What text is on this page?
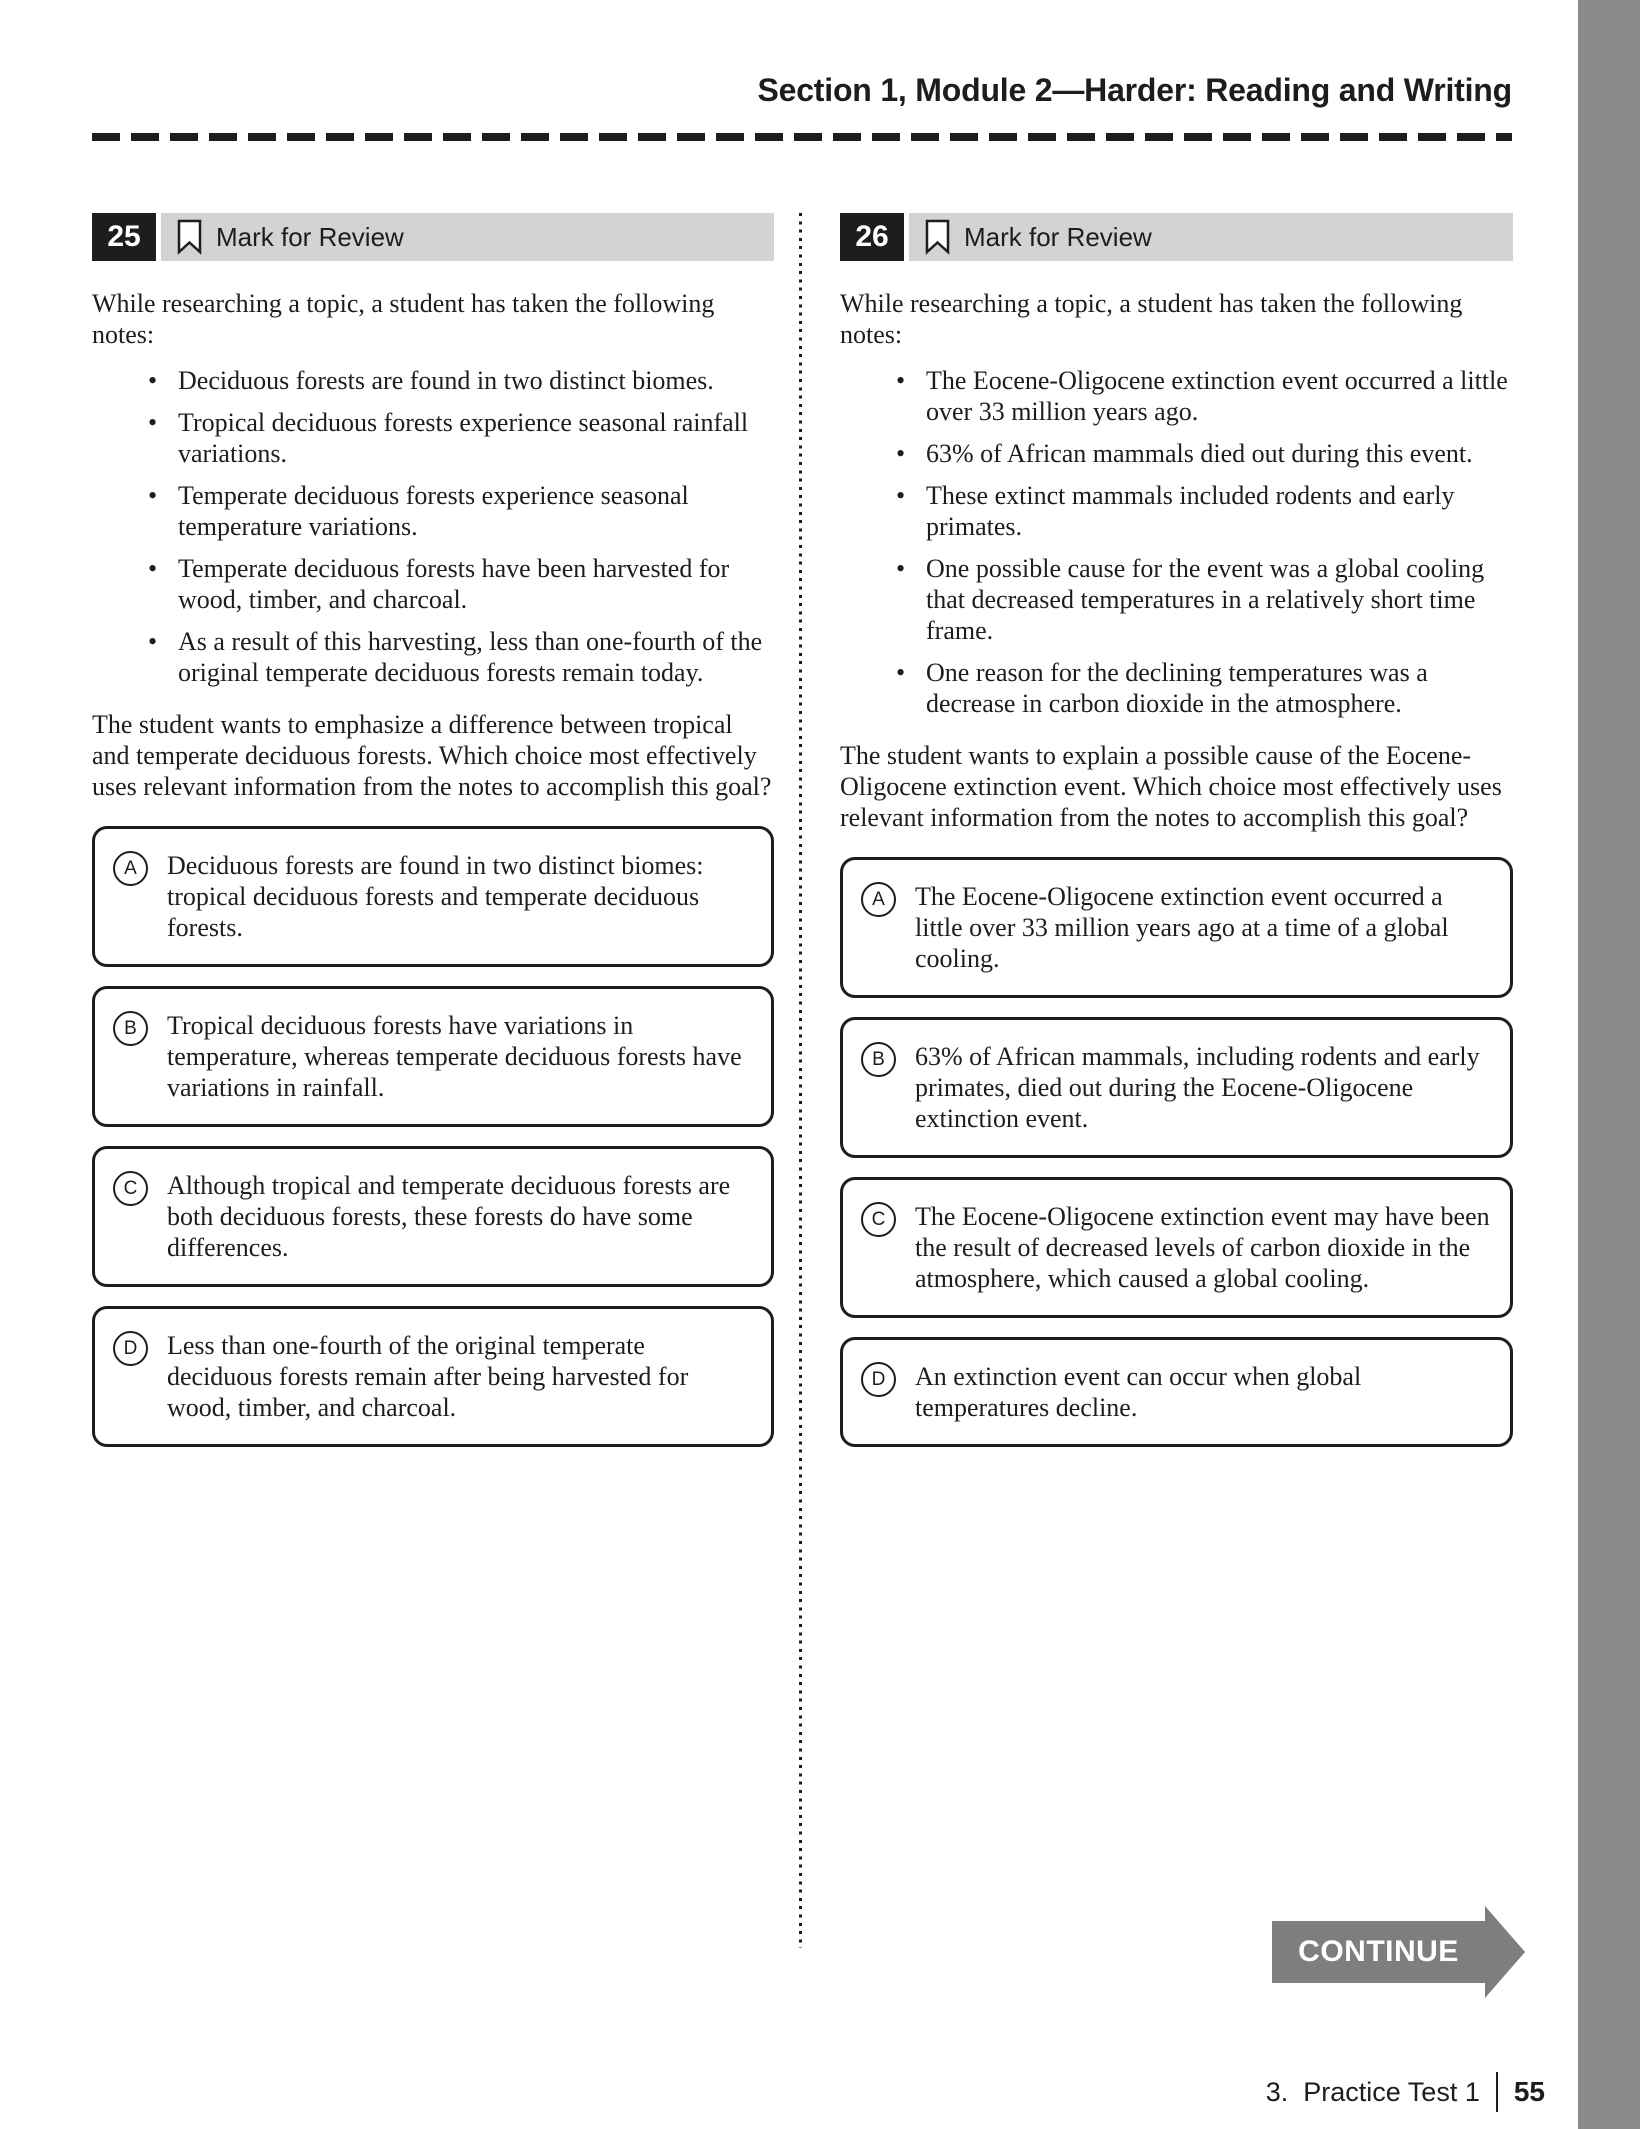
Section 1, Module 2—Harder: Reading and Writing
25	Mark for Review

While researching a topic, a student has taken the following notes:

• Deciduous forests are found in two distinct biomes.
• Tropical deciduous forests experience seasonal rainfall variations.
• Temperate deciduous forests experience seasonal temperature variations.
• Temperate deciduous forests have been harvested for wood, timber, and charcoal.
• As a result of this harvesting, less than one-fourth of the original temperate deciduous forests remain today.

The student wants to emphasize a difference between tropical and temperate deciduous forests. Which choice most effectively uses relevant information from the notes to accomplish this goal?

A	Deciduous forests are found in two distinct biomes: tropical deciduous forests and temperate deciduous forests.
B	Tropical deciduous forests have variations in temperature, whereas temperate deciduous forests have variations in rainfall.
C	Although tropical and temperate deciduous forests are both deciduous forests, these forests do have some differences.
D	Less than one-fourth of the original temperate deciduous forests remain after being harvested for wood, timber, and charcoal.
26	Mark for Review

While researching a topic, a student has taken the following notes:

• The Eocene-Oligocene extinction event occurred a little over 33 million years ago.
• 63% of African mammals died out during this event.
• These extinct mammals included rodents and early primates.
• One possible cause for the event was a global cooling that decreased temperatures in a relatively short time frame.
• One reason for the declining temperatures was a decrease in carbon dioxide in the atmosphere.

The student wants to explain a possible cause of the Eocene-Oligocene extinction event. Which choice most effectively uses relevant information from the notes to accomplish this goal?

A	The Eocene-Oligocene extinction event occurred a little over 33 million years ago at a time of a global cooling.
B	63% of African mammals, including rodents and early primates, died out during the Eocene-Oligocene extinction event.
C	The Eocene-Oligocene extinction event may have been the result of decreased levels of carbon dioxide in the atmosphere, which caused a global cooling.
D	An extinction event can occur when global temperatures decline.
CONTINUE
3.  Practice Test 1 55
